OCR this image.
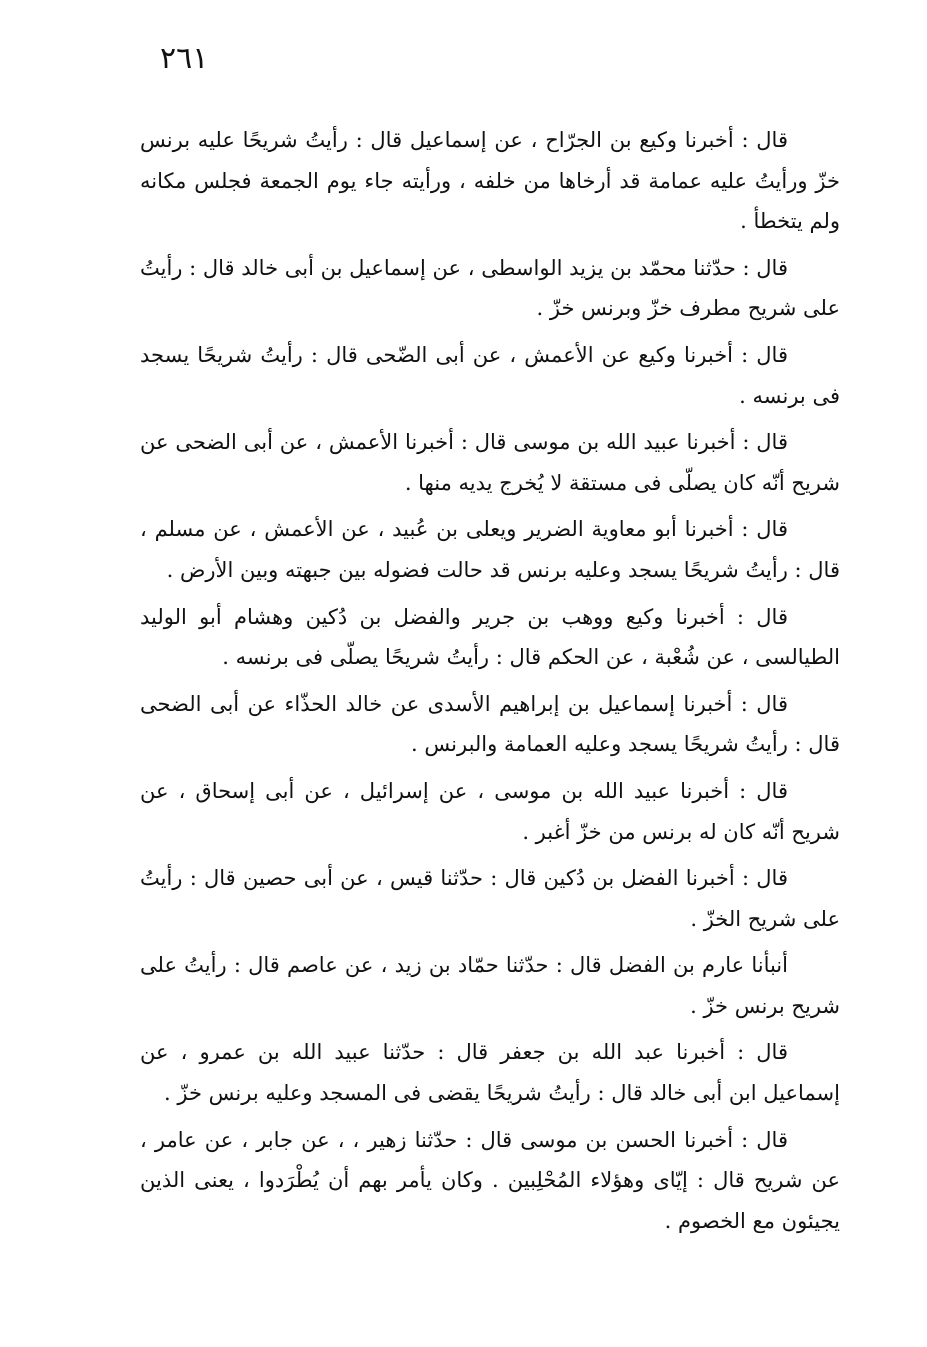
٢٦١

قال : أخبرنا وكيع بن الجرّاح ، عن إسماعيل قال : رأيتُ شريحًا عليه برنس خزّ ورأيتُ عليه عمامة قد أرخاها من خلفه ، ورأيته جاء يوم الجمعة فجلس مكانه ولم يتخطأ .

قال : حدّثنا محمّد بن يزيد الواسطى ، عن إسماعيل بن أبى خالد قال : رأيتُ على شريح مطرف خزّ وبرنس خزّ .

قال : أخبرنا وكيع عن الأعمش ، عن أبى الضّحى قال : رأيتُ شريحًا يسجد فى برنسه .

قال : أخبرنا عبيد الله بن موسى قال : أخبرنا الأعمش ، عن أبى الضحى عن شريح أنّه كان يصلّى فى مستقة لا يُخرج يديه منها .

قال : أخبرنا أبو معاوية الضرير ويعلى بن عُبيد ، عن الأعمش ، عن مسلم ، قال : رأيتُ شريحًا يسجد وعليه برنس قد حالت فضوله بين جبهته وبين الأرض .

قال : أخبرنا وكيع ووهب بن جرير والفضل بن دُكين وهشام أبو الوليد الطيالسى ، عن شُعْبة ، عن الحكم قال : رأيتُ شريحًا يصلّى فى برنسه .

قال : أخبرنا إسماعيل بن إبراهيم الأسدى عن خالد الحذّاء عن أبى الضحى قال : رأيتُ شريحًا يسجد وعليه العمامة والبرنس .

قال : أخبرنا عبيد الله بن موسى ، عن إسرائيل ، عن أبى إسحاق ، عن شريح أنّه كان له برنس من خزّ أغبر .

قال : أخبرنا الفضل بن دُكين قال : حدّثنا قيس ، عن أبى حصين قال : رأيتُ على شريح الخزّ .

أنبأنا عارم بن الفضل قال : حدّثنا حمّاد بن زيد ، عن عاصم قال : رأيتُ على شريح برنس خزّ .

قال : أخبرنا عبد الله بن جعفر قال : حدّثنا عبيد الله بن عمرو ، عن إسماعيل ابن أبى خالد قال : رأيتُ شريحًا يقضى فى المسجد وعليه برنس خزّ .

قال : أخبرنا الحسن بن موسى قال : حدّثنا زهير ، ، عن جابر ، عن عامر ، عن شريح قال : إيّاى وهؤلاء المُحْلِبين . وكان يأمر بهم أن يُطْرَدوا ، يعنى الذين يجيئون مع الخصوم .
